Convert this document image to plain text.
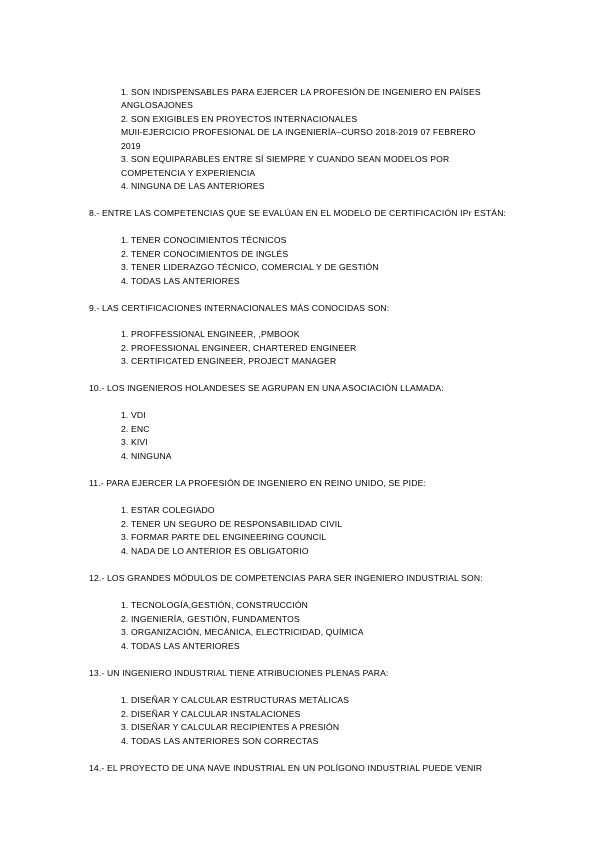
1. SON INDISPENSABLES PARA EJERCER LA PROFESIÓN DE INGENIERO EN PAÍSES
ANGLOSAJONES
2. SON EXIGIBLES EN PROYECTOS INTERNACIONALES
MUII-EJERCICIO PROFESIONAL DE LA INGENIERÍA–CURSO 2018-2019 07 FEBRERO
2019
3. SON EQUIPARABLES ENTRE SÍ SIEMPRE Y CUANDO SEAN MODELOS POR
COMPETENCIA Y EXPERIENCIA
4. NINGUNA DE LAS ANTERIORES
8.- ENTRE LAS COMPETENCIAS QUE SE EVALÚAN EN EL MODELO DE CERTIFICACIÓN IPr ESTÁN:
1. TENER CONOCIMIENTOS TÉCNICOS
2. TENER CONOCIMIENTOS DE INGLÉS
3. TENER LIDERAZGO TÉCNICO, COMERCIAL Y DE GESTIÓN
4. TODAS LAS ANTERIORES
9.- LAS CERTIFICACIONES INTERNACIONALES MÁS CONOCIDAS SON:
1. PROFFESSIONAL ENGINEER, ,PMBOOK
2. PROFESSIONAL ENGINEER, CHARTERED ENGINEER
3. CERTIFICATED ENGINEER, PROJECT MANAGER
10.- LOS INGENIEROS HOLANDESES SE AGRUPAN EN UNA ASOCIACIÓN LLAMADA:
1. VDI
2. ENC
3. KIVI
4. NINGUNA
11.- PARA EJERCER LA PROFESIÓN DE INGENIERO EN REINO UNIDO, SE PIDE:
1. ESTAR COLEGIADO
2. TENER UN SEGURO DE RESPONSABILIDAD CIVIL
3. FORMAR PARTE DEL ENGINEERING COUNCIL
4. NADA DE LO ANTERIOR ES OBLIGATORIO
12.- LOS GRANDES MÓDULOS DE COMPETENCIAS PARA SER INGENIERO INDUSTRIAL SON:
1. TECNOLOGÍA,GESTIÓN, CONSTRUCCIÓN
2. INGENIERÍA, GESTIÓN, FUNDAMENTOS
3. ORGANIZACIÓN, MECÁNICA, ELECTRICIDAD, QUÍMICA
4. TODAS LAS ANTERIORES
13.- UN INGENIERO INDUSTRIAL TIENE ATRIBUCIONES PLENAS PARA:
1. DISEÑAR Y CALCULAR ESTRUCTURAS METÁLICAS
2. DISEÑAR Y CALCULAR INSTALACIONES
3. DISEÑAR Y CALCULAR RECIPIENTES A PRESIÓN
4. TODAS LAS ANTERIORES SON CORRECTAS
14.- EL PROYECTO DE UNA NAVE INDUSTRIAL EN UN POLÍGONO INDUSTRIAL PUEDE VENIR
